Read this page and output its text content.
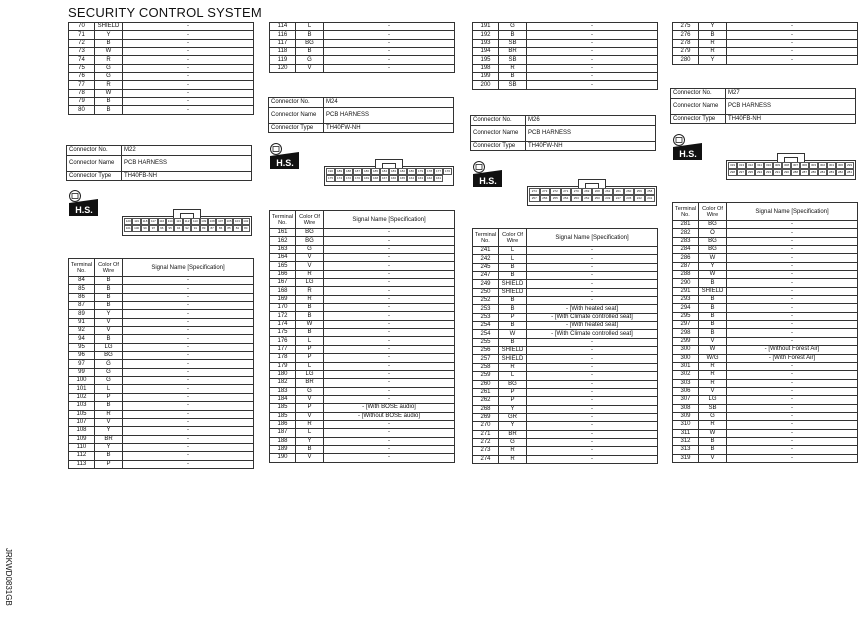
SECURITY CONTROL SYSTEM
JRKWD0831GB
70	SHIELD	-
71	Y	-
72	B	-
73	W	-
74	R	-
75	G	-
76	G	-
77	R	-
78	W	-
79	B	-
80	B	-
Connector No.	M22
Connector Name	PCB HARNESS
Connector Type	TH40FB-NH
H.S.
120	119	118	117	116	114	113	112	110	109	108	107	105	103	102
101	100	99	97	96	95	94	92	91	89	87	86	85	84	80
Terminal No.	Color Of Wire	Signal Name [Specification]
84	B	-
85	B	-
86	B	-
87	B	-
89	Y	-
91	V	-
92	V	-
94	B	-
95	LG	-
96	BG	-
97	G	-
99	G	-
100	G	-
101	L	-
102	P	-
103	B	-
105	R	-
107	V	-
108	Y	-
109	BR	-
110	Y	-
112	B	-
113	P	-
114	L	-
116	B	-
117	BG	-
118	B	-
119	G	-
120	V	-
Connector No.	M24
Connector Name	PCB HARNESS
Connector Type	TH40FW-NH
H.S.
190	189	188	187	186	185	184	183	182	180	179	178	177	176
175	174	172	170	169	168	167	166	165	164	163	162	161
Terminal No.	Color Of Wire	Signal Name [Specification]
161	BG	-
162	BG	-
163	G	-
164	V	-
165	V	-
166	R	-
167	LG	-
168	R	-
169	R	-
170	B	-
172	B	-
174	W	-
175	B	-
176	L	-
177	P	-
178	P	-
179	L	-
180	LG	-
182	BR	-
183	G	-
184	V	-
185	P	- [With BOSE audio]
185	V	- [Without BOSE audio]
186	R	-
187	L	-
188	Y	-
189	B	-
190	V	-
191	G	-
192	B	-
193	SB	-
194	BR	-
195	SB	-
198	R	-
199	B	-
200	SB	-
Connector No.	M26
Connector Name	PCB HARNESS
Connector Type	TH40FW-NH
H.S.
274	273	272	271	270	269	268	262	261	260	259	258
257	256	255	254	253	252	250	249	247	245	242	241
Terminal No.	Color Of Wire	Signal Name [Specification]
241	L	-
242	L	-
245	B	-
247	B	-
249	SHIELD	-
250	SHIELD	-
252	B	-
253	B	- [With heated seat]
253	P	- [With Climate controlled seat]
254	B	- [With heated seat]
254	W	- [With Climate controlled seat]
255	B	-
256	SHIELD	-
257	SHIELD	-
258	R	-
259	L	-
260	BG	-
261	P	-
262	P	-
268	Y	-
269	GR	-
270	Y	-
271	BR	-
272	G	-
273	R	-
274	R	-
275	Y	-
276	B	-
278	R	-
279	R	-
280	Y	-
Connector No.	M27
Connector Name	PCB HARNESS
Connector Type	TH40FB-NH
H.S.
319	313	312	311	310	309	308	307	306	303	302	301	300	299
298	297	295	294	293	291	290	288	287	286	284	283	282	281
Terminal No.	Color Of Wire	Signal Name [Specification]
281	BG	-
282	O	-
283	BG	-
284	BG	-
286	W	-
287	Y	-
288	W	-
290	B	-
291	SHIELD	-
293	B	-
294	B	-
295	B	-
297	B	-
298	B	-
299	V	-
300	W	- [Without Forest Air]
300	W/G	- [With Forest Air]
301	R	-
302	R	-
303	R	-
306	V	-
307	LG	-
308	SB	-
309	G	-
310	R	-
311	W	-
312	B	-
313	B	-
319	V	-
